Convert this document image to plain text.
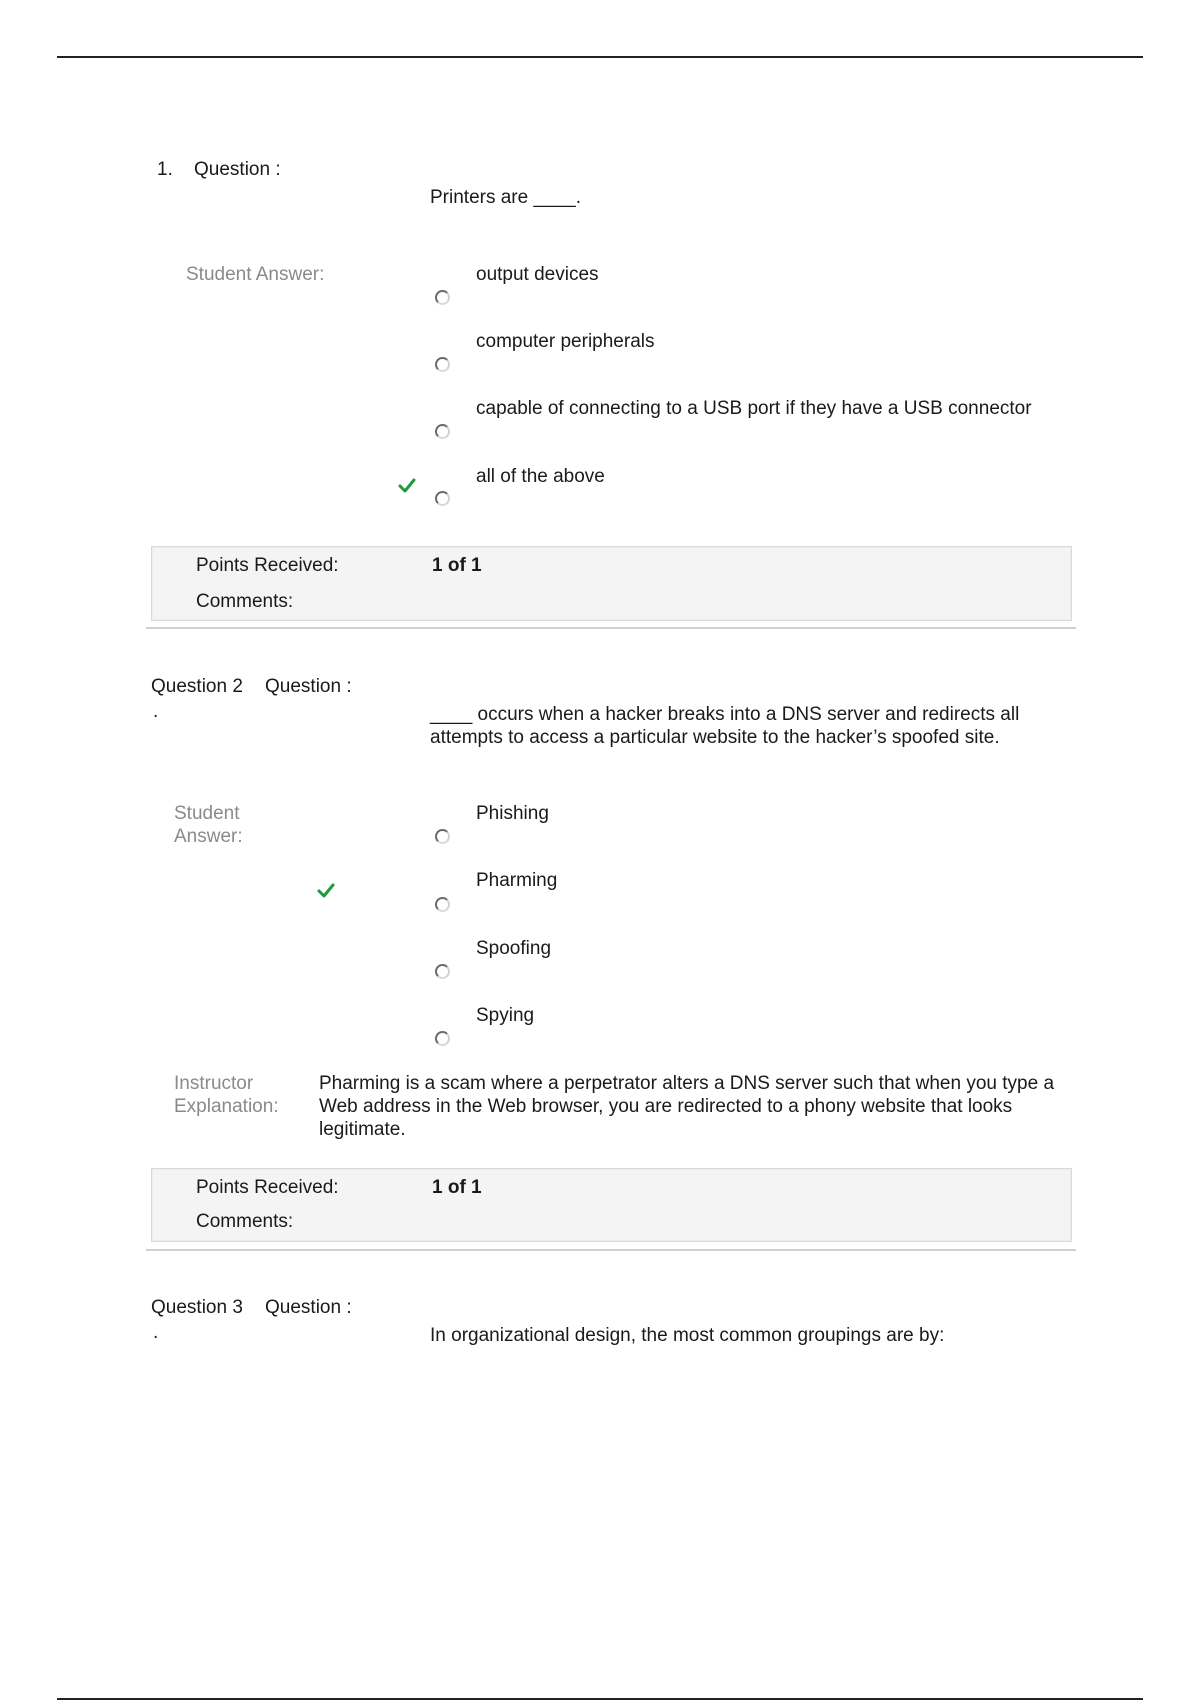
1. Question :
Printers are ____.
Student Answer:	output devices
computer peripherals
capable of connecting to a USB port if they have a USB connector
all of the above
Points Received:	1 of 1
Comments:
Question 2 Question :
.	____ occurs when a hacker breaks into a DNS server and redirects all attempts to access a particular website to the hacker’s spoofed site.
Student
Answer:
Phishing
Pharming
Spoofing
Spying
Instructor
Explanation:
Pharming is a scam where a perpetrator alters a DNS server such that when you type a Web address in the Web browser, you are redirected to a phony website that looks legitimate.
Points Received:	1 of 1
Comments:
Question 3 Question :
.	In organizational design, the most common groupings are by:
